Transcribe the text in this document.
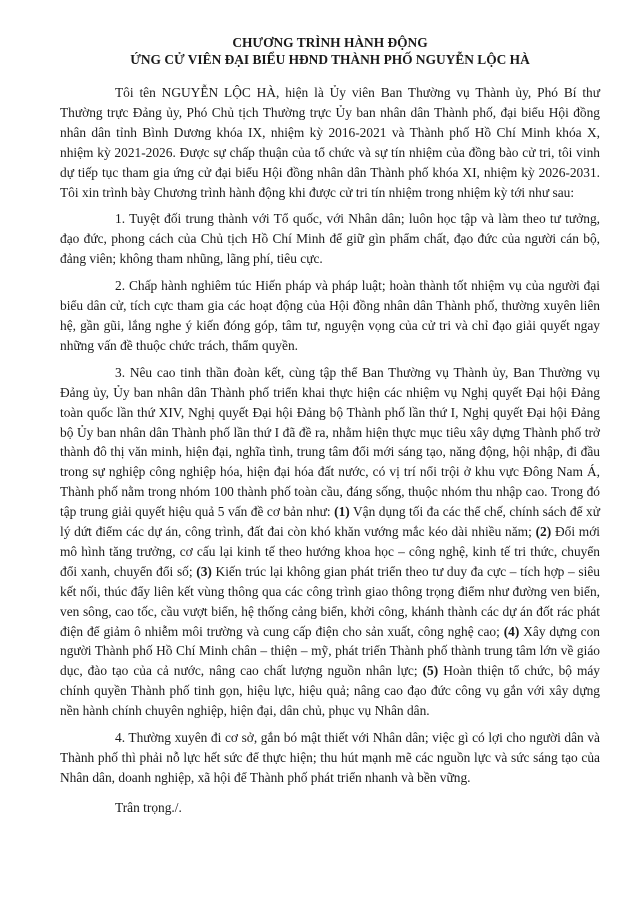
CHƯƠNG TRÌNH HÀNH ĐỘNG

ỨNG CỬ VIÊN ĐẠI BIỂU HĐND THÀNH PHỐ NGUYỄN LỘC HÀ

Tôi tên NGUYỄN LỘC HÀ, hiện là Ủy viên Ban Thường vụ Thành ủy, Phó Bí thư Thường trực Đảng ủy, Phó Chủ tịch Thường trực Ủy ban nhân dân Thành phố, đại biểu Hội đồng nhân dân tỉnh Bình Dương khóa IX, nhiệm kỳ 2016-2021 và Thành phố Hồ Chí Minh khóa X, nhiệm kỳ 2021-2026. Được sự chấp thuận của tổ chức và sự tín nhiệm của đồng bào cử tri, tôi vinh dự tiếp tục tham gia ứng cử đại biểu Hội đồng nhân dân Thành phố khóa XI, nhiệm kỳ 2026-2031. Tôi xin trình bày Chương trình hành động khi được cử tri tín nhiệm trong nhiệm kỳ tới như sau:

1. Tuyệt đối trung thành với Tổ quốc, với Nhân dân; luôn học tập và làm theo tư tưởng, đạo đức, phong cách của Chủ tịch Hồ Chí Minh để giữ gìn phẩm chất, đạo đức của người cán bộ, đảng viên; không tham nhũng, lãng phí, tiêu cực.

2. Chấp hành nghiêm túc Hiến pháp và pháp luật; hoàn thành tốt nhiệm vụ của người đại biểu dân cử, tích cực tham gia các hoạt động của Hội đồng nhân dân Thành phố, thường xuyên liên hệ, gần gũi, lắng nghe ý kiến đóng góp, tâm tư, nguyện vọng của cử tri và chỉ đạo giải quyết ngay những vấn đề thuộc chức trách, thẩm quyền.

3. Nêu cao tinh thần đoàn kết, cùng tập thể Ban Thường vụ Thành ủy, Ban Thường vụ Đảng ủy, Ủy ban nhân dân Thành phố triển khai thực hiện các nhiệm vụ Nghị quyết Đại hội Đảng toàn quốc lần thứ XIV, Nghị quyết Đại hội Đảng bộ Thành phố lần thứ I, Nghị quyết Đại hội Đảng bộ Ủy ban nhân dân Thành phố lần thứ I đã đề ra, nhằm hiện thực mục tiêu xây dựng Thành phố trở thành đô thị văn minh, hiện đại, nghĩa tình, trung tâm đổi mới sáng tạo, năng động, hội nhập, đi đầu trong sự nghiệp công nghiệp hóa, hiện đại hóa đất nước, có vị trí nổi trội ở khu vực Đông Nam Á, Thành phố nằm trong nhóm 100 thành phố toàn cầu, đáng sống, thuộc nhóm thu nhập cao. Trong đó tập trung giải quyết hiệu quả 5 vấn đề cơ bản như: (1) Vận dụng tối đa các thể chế, chính sách để xử lý dứt điểm các dự án, công trình, đất đai còn khó khăn vướng mắc kéo dài nhiều năm; (2) Đổi mới mô hình tăng trưởng, cơ cấu lại kinh tế theo hướng khoa học – công nghệ, kinh tế tri thức, chuyển đổi xanh, chuyển đổi số; (3) Kiến trúc lại không gian phát triển theo tư duy đa cực – tích hợp – siêu kết nối, thúc đẩy liên kết vùng thông qua các công trình giao thông trọng điểm như đường ven biển, ven sông, cao tốc, cầu vượt biển, hệ thống cảng biển, khởi công, khánh thành các dự án đốt rác phát điện để giảm ô nhiễm môi trường và cung cấp điện cho sản xuất, công nghệ cao; (4) Xây dựng con người Thành phố Hồ Chí Minh chân – thiện – mỹ, phát triển Thành phố thành trung tâm lớn về giáo dục, đào tạo của cả nước, nâng cao chất lượng nguồn nhân lực; (5) Hoàn thiện tổ chức, bộ máy chính quyền Thành phố tinh gọn, hiệu lực, hiệu quả; nâng cao đạo đức công vụ gắn với xây dựng nền hành chính chuyên nghiệp, hiện đại, dân chủ, phục vụ Nhân dân.

4. Thường xuyên đi cơ sở, gắn bó mật thiết với Nhân dân; việc gì có lợi cho người dân và Thành phố thì phải nỗ lực hết sức để thực hiện; thu hút mạnh mẽ các nguồn lực và sức sáng tạo của Nhân dân, doanh nghiệp, xã hội để Thành phố phát triển nhanh và bền vững.

Trân trọng./.
